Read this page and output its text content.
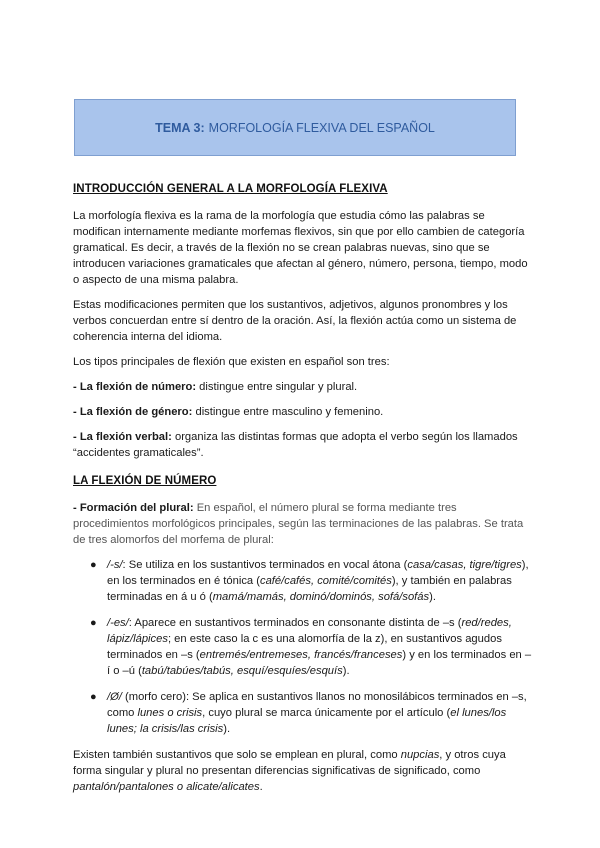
TEMA 3: MORFOLOGÍA FLEXIVA DEL ESPAÑOL
INTRODUCCIÓN GENERAL A LA MORFOLOGÍA FLEXIVA

La morfología flexiva es la rama de la morfología que estudia cómo las palabras se modifican internamente mediante morfemas flexivos, sin que por ello cambien de categoría gramatical. Es decir, a través de la flexión no se crean palabras nuevas, sino que se introducen variaciones gramaticales que afectan al género, número, persona, tiempo, modo o aspecto de una misma palabra.

Estas modificaciones permiten que los sustantivos, adjetivos, algunos pronombres y los verbos concuerdan entre sí dentro de la oración. Así, la flexión actúa como un sistema de coherencia interna del idioma.

Los tipos principales de flexión que existen en español son tres:

- La flexión de número: distingue entre singular y plural.

- La flexión de género: distingue entre masculino y femenino.

- La flexión verbal: organiza las distintas formas que adopta el verbo según los llamados “accidentes gramaticales”.

LA FLEXIÓN DE NÚMERO

- Formación del plural: En español, el número plural se forma mediante tres procedimientos morfológicos principales, según las terminaciones de las palabras. Se trata de tres alomorfos del morfema de plural:

● /-s/: Se utiliza en los sustantivos terminados en vocal átona (casa/casas, tigre/tigres), en los terminados en é tónica (café/cafés, comité/comités), y también en palabras terminadas en á u ó (mamá/mamás, dominó/dominós, sofá/sofás).
● /-es/: Aparece en sustantivos terminados en consonante distinta de –s (red/redes, lápiz/lápices; en este caso la c es una alomorfía de la z), en sustantivos agudos terminados en –s (entremés/entremeses, francés/franceses) y en los terminados en –í o –ú (tabú/tabúes/tabús, esquí/esquíes/esquís).
● /Ø/ (morfo cero): Se aplica en sustantivos llanos no monosilábicos terminados en –s, como lunes o crisis, cuyo plural se marca únicamente por el artículo (el lunes/los lunes; la crisis/las crisis).

Existen también sustantivos que solo se emplean en plural, como nupcias, y otros cuya forma singular y plural no presentan diferencias significativas de significado, como pantalón/pantalones o alicate/alicates.
